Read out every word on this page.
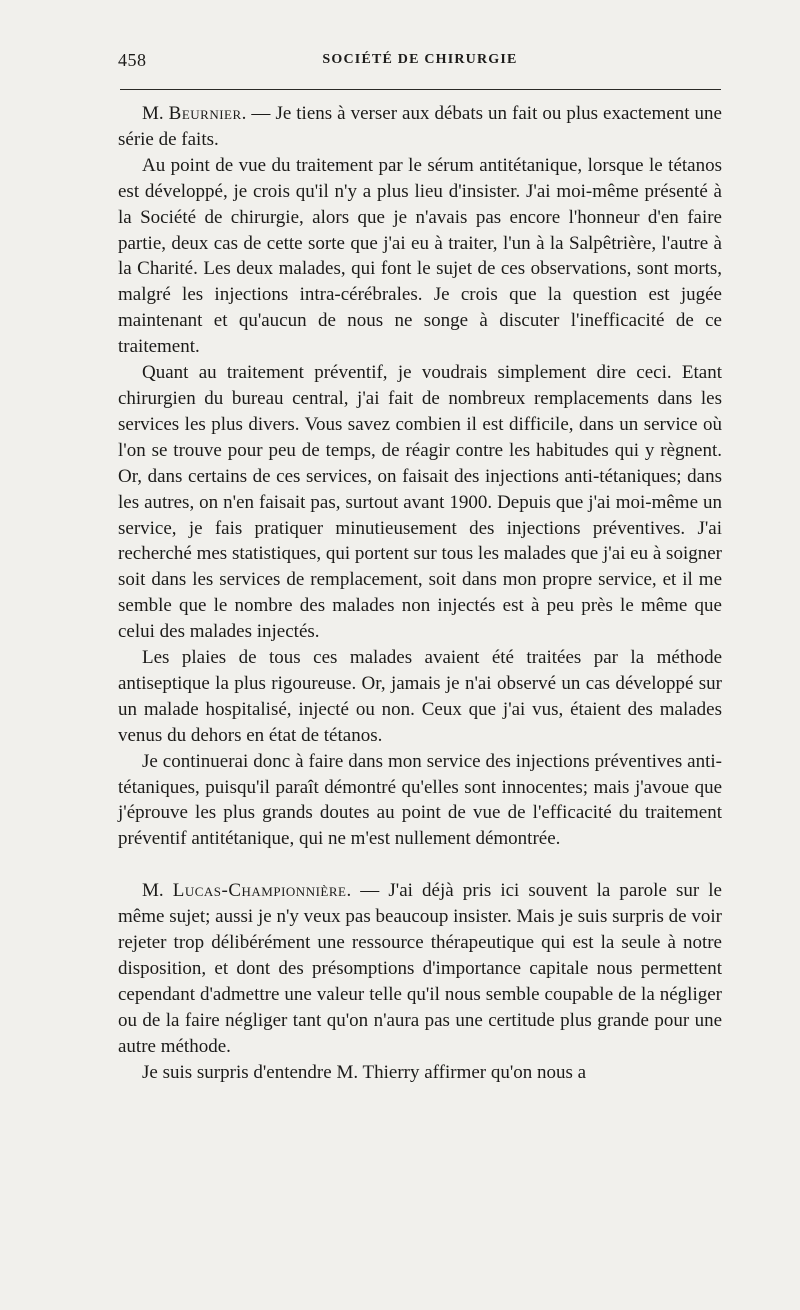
458	SOCIÉTÉ DE CHIRURGIE

M. Beurnier. — Je tiens à verser aux débats un fait ou plus exactement une série de faits.

Au point de vue du traitement par le sérum antitétanique, lorsque le tétanos est développé, je crois qu'il n'y a plus lieu d'insister. J'ai moi-même présenté à la Société de chirurgie, alors que je n'avais pas encore l'honneur d'en faire partie, deux cas de cette sorte que j'ai eu à traiter, l'un à la Salpêtrière, l'autre à la Charité. Les deux malades, qui font le sujet de ces observations, sont morts, malgré les injections intra-cérébrales. Je crois que la question est jugée maintenant et qu'aucun de nous ne songe à discuter l'inefficacité de ce traitement.

Quant au traitement préventif, je voudrais simplement dire ceci. Etant chirurgien du bureau central, j'ai fait de nombreux remplacements dans les services les plus divers. Vous savez combien il est difficile, dans un service où l'on se trouve pour peu de temps, de réagir contre les habitudes qui y règnent. Or, dans certains de ces services, on faisait des injections anti-tétaniques; dans les autres, on n'en faisait pas, surtout avant 1900. Depuis que j'ai moi-même un service, je fais pratiquer minutieusement des injections préventives. J'ai recherché mes statistiques, qui portent sur tous les malades que j'ai eu à soigner soit dans les services de remplacement, soit dans mon propre service, et il me semble que le nombre des malades non injectés est à peu près le même que celui des malades injectés.

Les plaies de tous ces malades avaient été traitées par la méthode antiseptique la plus rigoureuse. Or, jamais je n'ai observé un cas développé sur un malade hospitalisé, injecté ou non. Ceux que j'ai vus, étaient des malades venus du dehors en état de tétanos.

Je continuerai donc à faire dans mon service des injections préventives anti-tétaniques, puisqu'il paraît démontré qu'elles sont innocentes; mais j'avoue que j'éprouve les plus grands doutes au point de vue de l'efficacité du traitement préventif antitétanique, qui ne m'est nullement démontrée.

M. Lucas-Championnière. — J'ai déjà pris ici souvent la parole sur le même sujet; aussi je n'y veux pas beaucoup insister. Mais je suis surpris de voir rejeter trop délibérément une ressource thérapeutique qui est la seule à notre disposition, et dont des présomptions d'importance capitale nous permettent cependant d'admettre une valeur telle qu'il nous semble coupable de la négliger ou de la faire négliger tant qu'on n'aura pas une certitude plus grande pour une autre méthode.

Je suis surpris d'entendre M. Thierry affirmer qu'on nous a
